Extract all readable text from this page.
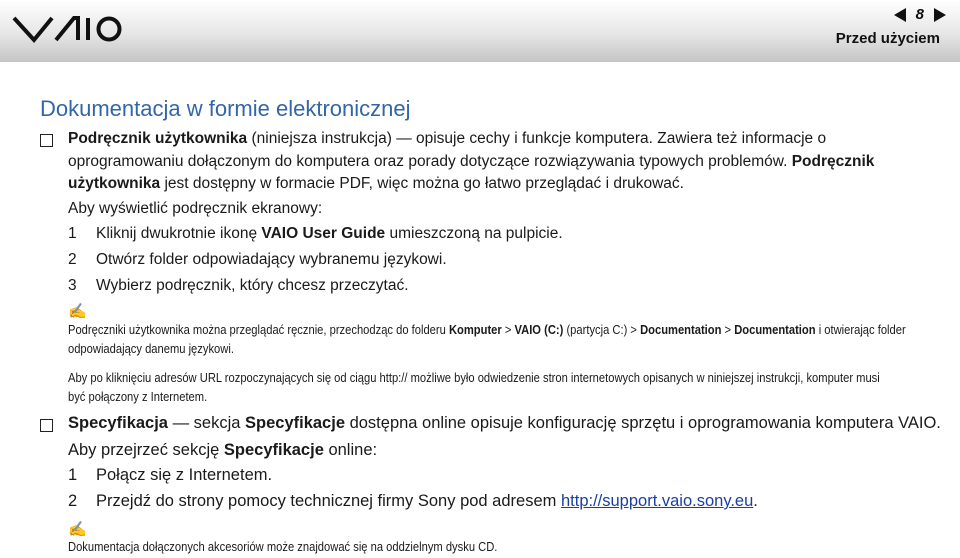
8
Przed użyciem
Dokumentacja w formie elektronicznej
Podręcznik użytkownika (niniejsza instrukcja) — opisuje cechy i funkcje komputera. Zawiera też informacje o
oprogramowaniu dołączonym do komputera oraz porady dotyczące rozwiązywania typowych problemów. Podręcznik
użytkownika jest dostępny w formacie PDF, więc można go łatwo przeglądać i drukować.
Aby wyświetlić podręcznik ekranowy:
1 Kliknij dwukrotnie ikonę VAIO User Guide umieszczoną na pulpicie.
2 Otwórz folder odpowiadający wybranemu językowi.
3 Wybierz podręcznik, który chcesz przeczytać.
✍
Podręczniki użytkownika można przeglądać ręcznie, przechodząc do folderu Komputer > VAIO (C:) (partycja C:) > Documentation > Documentation i otwierając folder
odpowiadający danemu językowi.
Aby po kliknięciu adresów URL rozpoczynających się od ciągu http:// możliwe było odwiedzenie stron internetowych opisanych w niniejszej instrukcji, komputer musi
być połączony z Internetem.
Specyfikacja — sekcja Specyfikacje dostępna online opisuje konfigurację sprzętu i oprogramowania komputera VAIO.
Aby przejrzeć sekcję Specyfikacje online:
1 Połącz się z Internetem.
2 Przejdź do strony pomocy technicznej firmy Sony pod adresem http://support.vaio.sony.eu.
✍
Dokumentacja dołączonych akcesoriów może znajdować się na oddzielnym dysku CD.
